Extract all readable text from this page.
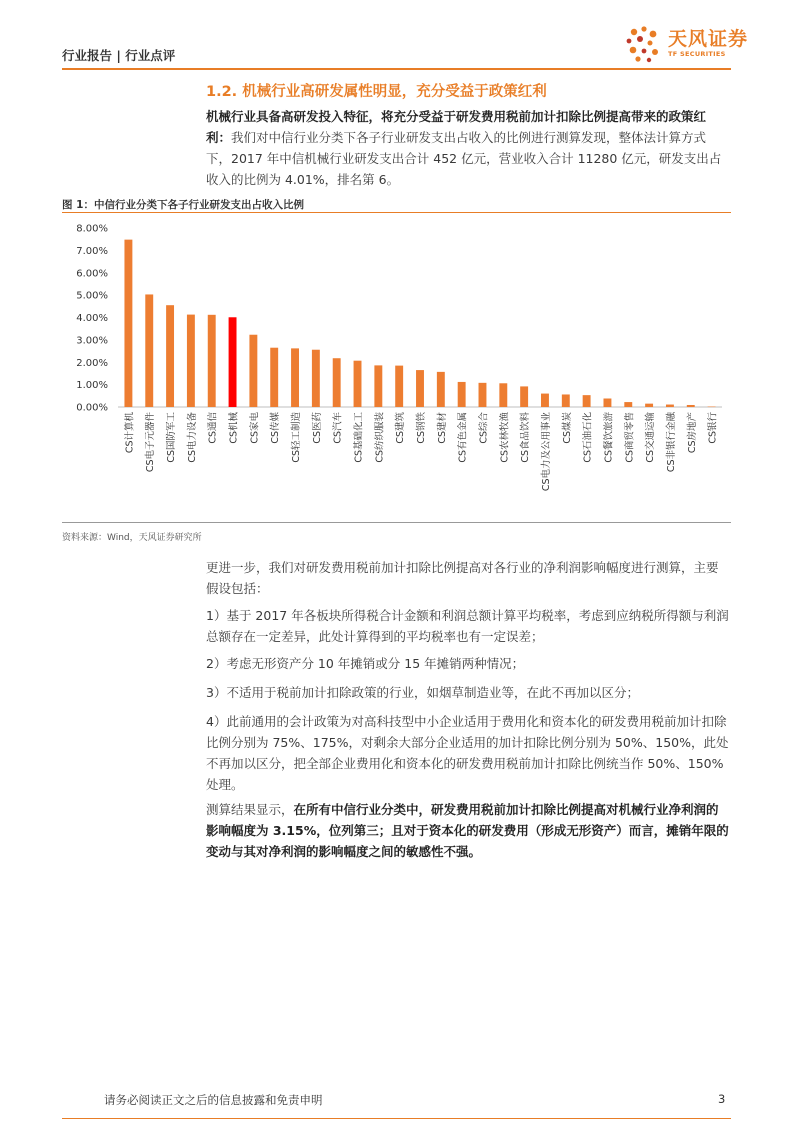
行业报告 | 行业点评
天风证券
TF SECURITIES
1.2. 机械行业高研发属性明显，充分受益于政策红利
机械行业具备高研发投入特征，将充分受益于研发费用税前加计扣除比例提高带来的政策红利：我们对中信行业分类下各子行业研发支出占收入的比例进行测算发现，整体法计算方式下，2017 年中信机械行业研发支出合计 452 亿元，营业收入合计 11280 亿元，研发支出占收入的比例为 4.01%，排名第 6。
图 1：中信行业分类下各子行业研发支出占收入比例
0.00%
1.00%
2.00%
3.00%
4.00%
5.00%
6.00%
7.00%
8.00%
CS计算机 CS电子元器件 CS国防军工 CS电力设备 CS通信 CS机械 CS家电 CS传媒 CS轻工制造 CS医药 CS汽车 CS基础化工 CS纺织服装 CS建筑 CS钢铁 CS建材 CS有色金属 CS综合 CS农林牧渔 CS食品饮料 CS电力及公用事业 CS煤炭 CS石油石化 CS餐饮旅游 CS商贸零售 CS交通运输 CS非银行金融 CS房地产 CS银行
资料来源：Wind，天风证券研究所
更进一步，我们对研发费用税前加计扣除比例提高对各行业的净利润影响幅度进行测算，主要假设包括：
1）基于 2017 年各板块所得税合计金额和利润总额计算平均税率，考虑到应纳税所得额与利润总额存在一定差异，此处计算得到的平均税率也有一定误差；
2）考虑无形资产分 10 年摊销或分 15 年摊销两种情况；
3）不适用于税前加计扣除政策的行业，如烟草制造业等，在此不再加以区分；
4）此前通用的会计政策为对高科技型中小企业适用于费用化和资本化的研发费用税前加计扣除比例分别为 75%、175%，对剩余大部分企业适用的加计扣除比例分别为 50%、150%，此处不再加以区分，把全部企业费用化和资本化的研发费用税前加计扣除比例统当作 50%、150%处理。
测算结果显示，在所有中信行业分类中，研发费用税前加计扣除比例提高对机械行业净利润的影响幅度为 3.15%，位列第三；且对于资本化的研发费用（形成无形资产）而言，摊销年限的变动与其对净利润的影响幅度之间的敏感性不强。
请务必阅读正文之后的信息披露和免责申明	3
